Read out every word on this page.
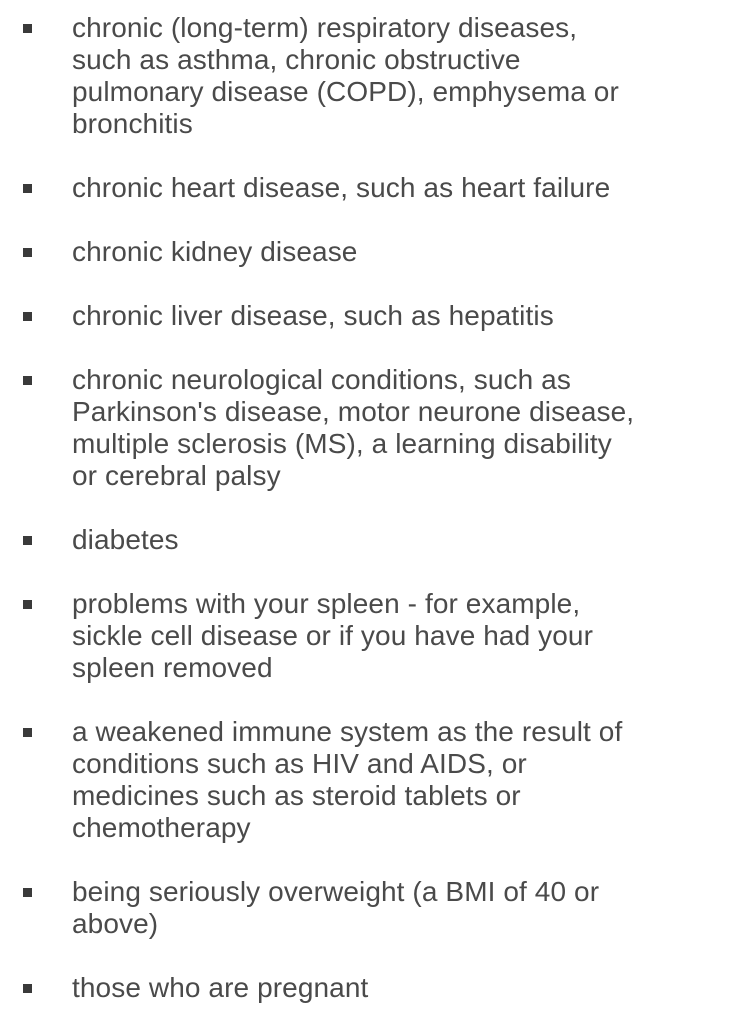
chronic (long-term) respiratory diseases,
such as asthma, chronic obstructive
pulmonary disease (COPD), emphysema or
bronchitis
chronic heart disease, such as heart failure
chronic kidney disease
chronic liver disease, such as hepatitis
chronic neurological conditions, such as
Parkinson's disease, motor neurone disease,
multiple sclerosis (MS), a learning disability
or cerebral palsy
diabetes
problems with your spleen - for example,
sickle cell disease or if you have had your
spleen removed
a weakened immune system as the result of
conditions such as HIV and AIDS, or
medicines such as steroid tablets or
chemotherapy
being seriously overweight (a BMI of 40 or
above)
those who are pregnant
